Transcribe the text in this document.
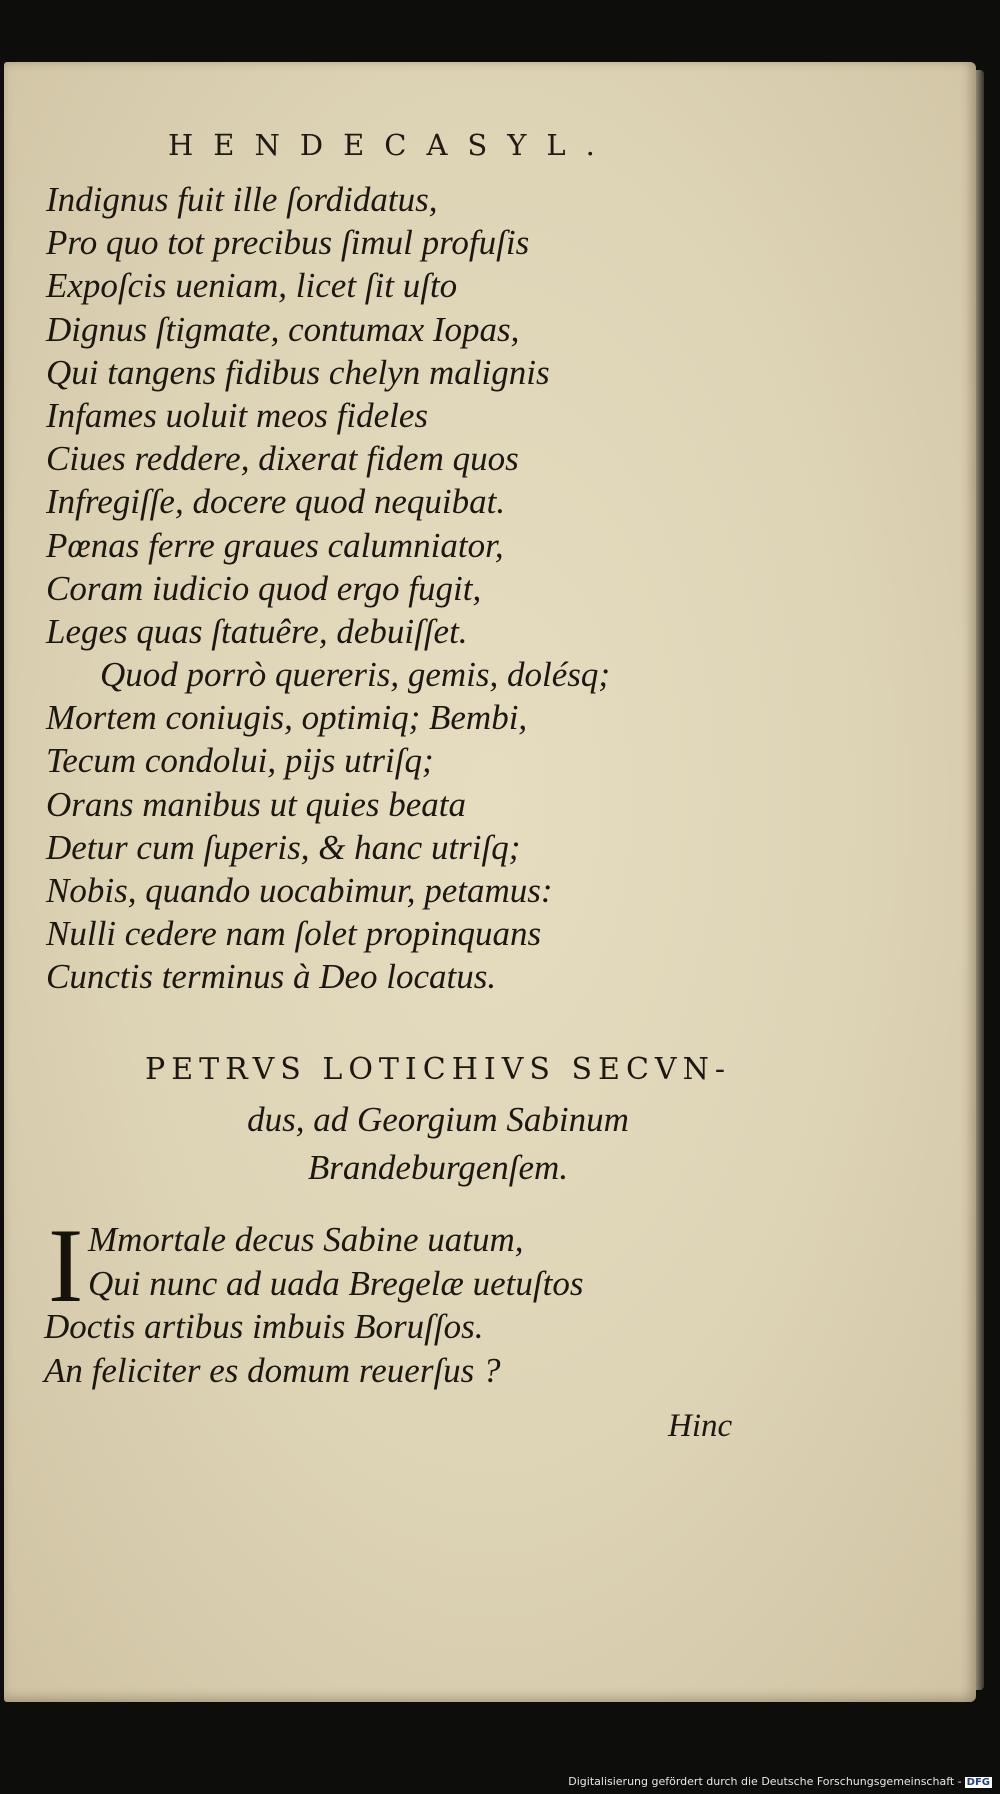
HENDECASYL.
Indignus fuit ille ſordidatus,
Pro quo tot precibus ſimul profuſis
Expoſcis ueniam, licet ſit uſto
Dignus ſtigmate, contumax Iopas,
Qui tangens fidibus chelyn malignis
Infames uoluit meos fideles
Ciues reddere, dixerat fidem quos
Infregiſſe, docere quod nequibat.
Pœnas ferre graues calumniator,
Coram iudicio quod ergo fugit,
Leges quas ſtatuêre, debuiſſet.
Quod porrò quereris, gemis, dolésq;
Mortem coniugis, optimiq; Bembi,
Tecum condolui, pijs utriſq;
Orans manibus ut quies beata
Detur cum ſuperis, & hanc utriſq;
Nobis, quando uocabimur, petamus:
Nulli cedere nam ſolet propinquans
Cunctis terminus à Deo locatus.
PETRVS LOTICHIVS SECVN-
dus, ad Georgium Sabinum
Brandeburgenſem.
I Mmortale decus Sabine uatum,
Qui nunc ad uada Bregelæ uetuſtos
Doctis artibus imbuis Boruſſos.
An feliciter es domum reuerſus ?
Hinc
Digitalisierung gefördert durch die Deutsche Forschungsgemeinschaft - DFG
